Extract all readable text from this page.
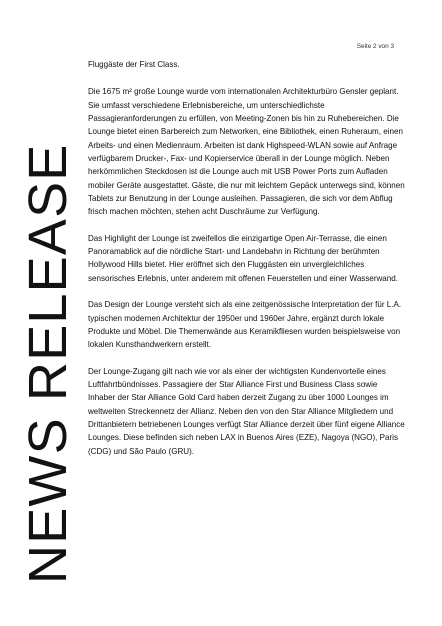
NEWS RELEASE
Seite 2 von 3

Fluggäste der First Class.

Die 1675 m² große Lounge wurde vom internationalen Architekturbüro Gensler geplant. Sie umfasst verschiedene Erlebnisbereiche, um unterschiedlichste Passagieranforderungen zu erfüllen, von Meeting-Zonen bis hin zu Ruhebereichen. Die Lounge bietet einen Barbereich zum Networken, eine Bibliothek, einen Ruheraum, einen Arbeits- und einen Medienraum. Arbeiten ist dank Highspeed-WLAN sowie auf Anfrage verfügbarem Drucker-, Fax- und Kopierservice überall in der Lounge möglich. Neben herkömmlichen Steckdosen ist die Lounge auch mit USB Power Ports zum Aufladen mobiler Geräte ausgestattet. Gäste, die nur mit leichtem Gepäck unterwegs sind, können Tablets zur Benutzung in der Lounge ausleihen. Passagieren, die sich vor dem Abflug frisch machen möchten, stehen acht Duschräume zur Verfügung.

Das Highlight der Lounge ist zweifellos die einzigartige Open Air-Terrasse, die einen Panoramablick auf die nördliche Start- und Landebahn in Richtung der berühmten Hollywood Hills bietet. Hier eröffnet sich den Fluggästen ein unvergleichliches sensorisches Erlebnis, unter anderem mit offenen Feuerstellen und einer Wasserwand.

Das Design der Lounge versteht sich als eine zeitgenössische Interpretation der für L.A. typischen modernen Architektur der 1950er und 1960er Jahre, ergänzt durch lokale Produkte und Möbel. Die Themenwände aus Keramikfliesen wurden beispielsweise von lokalen Kunsthandwerkern erstellt.

Der Lounge-Zugang gilt nach wie vor als einer der wichtigsten Kundenvorteile eines Luftfahrtbündnisses. Passagiere der Star Alliance First und Business Class sowie Inhaber der Star Alliance Gold Card haben derzeit Zugang zu über 1000 Lounges im weltweiten Streckennetz der Allianz. Neben den von den Star Alliance Mitgliedern und Drittanbietern betriebenen Lounges verfügt Star Alliance derzeit über fünf eigene Alliance Lounges. Diese befinden sich neben LAX in Buenos Aires (EZE), Nagoya (NGO), Paris (CDG) und São Paulo (GRU).
